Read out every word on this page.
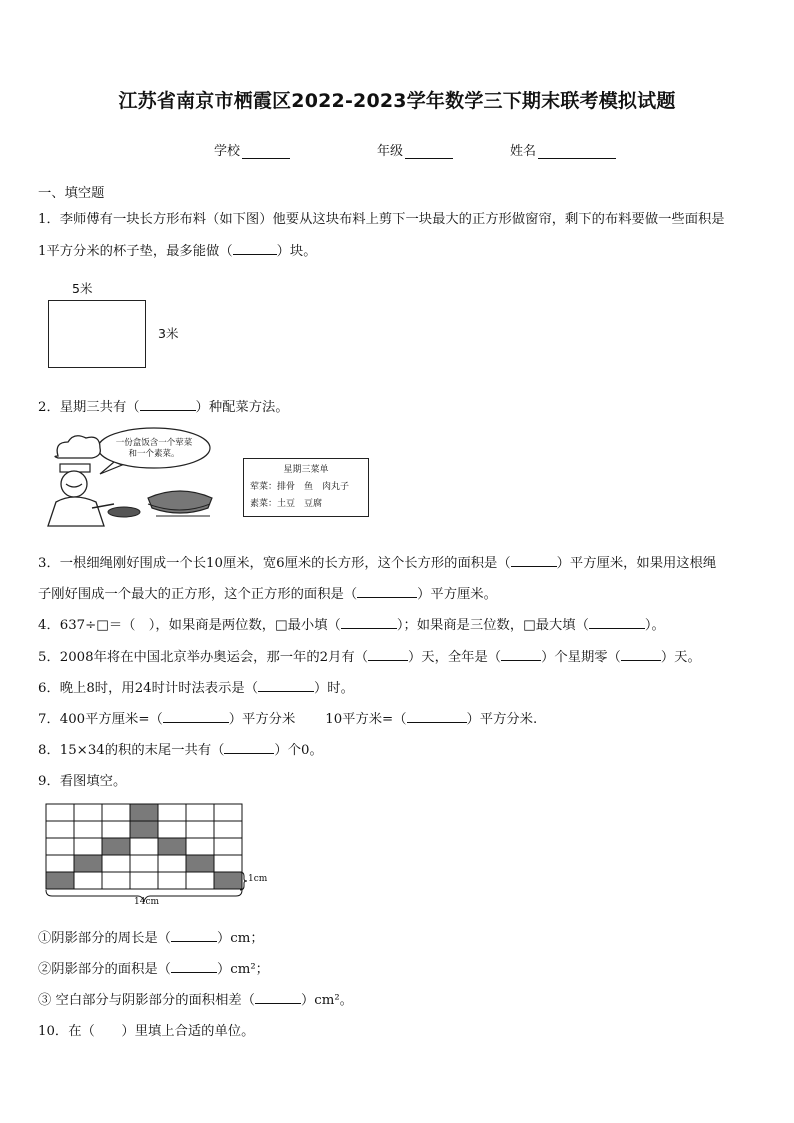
江苏省南京市栖霞区2022-2023学年数学三下期末联考模拟试题
学校	年级	姓名
一、填空题
1．李师傅有一块长方形布料（如下图）他要从这块布料上剪下一块最大的正方形做窗帘，剩下的布料要做一些面积是
1平方分米的杯子垫，最多能做（	）块。
5米
3米
2．星期三共有（	）种配菜方法。
一份盒饭含一个荤菜和一个素菜。
星期三菜单
荤菜：排骨　鱼　肉丸子
素菜：土豆　豆腐
3．一根细绳刚好围成一个长10厘米，宽6厘米的长方形，这个长方形的面积是（	）平方厘米，如果用这根绳
子刚好围成一个最大的正方形，这个正方形的面积是（	）平方厘米。
4．637÷□＝（　），如果商是两位数，□最小填（	）；如果商是三位数，□最大填（	）。
5．2008年将在中国北京举办奥运会，那一年的2月有（	）天，全年是（	）个星期零（	）天。
6．晚上8时，用24时计时法表示是（	）时。
7．400平方厘米=（	）平方分米 10平方米=（	）平方分米.
8．15×34的积的末尾一共有（	）个0。
9．看图填空。
1cm
14cm
①阴影部分的周长是（	）cm；
②阴影部分的面积是（	）cm²；
③ 空白部分与阴影部分的面积相差（	）cm²。
10．在（　　）里填上合适的单位。
